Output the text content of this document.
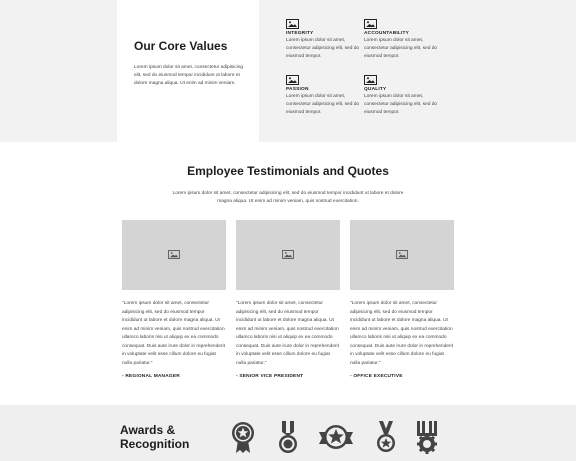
Our Core Values
Lorem ipsum dolor sit amet, consectetur adipisicing elit, sed do eiusmod tempor incididunt ut labore et dolore magna aliqua. Ut enim ad minim veniam.
INTEGRITY
Lorem ipsum dolor sit amet, consectetur adipisicing elit, sed do eiusmod tempor.
ACCOUNTABILITY
Lorem ipsum dolor sit amet, consectetur adipisicing elit, sed do eiusmod tempor.
PASSION
Lorem ipsum dolor sit amet, consectetur adipisicing elit, sed do eiusmod tempor.
QUALITY
Lorem ipsum dolor sit amet, consectetur adipisicing elit, sed do eiusmod tempor.
Employee Testimonials and Quotes
Lorem ipsum dolor sit amet, consectetur adipisicing elit, sed do eiusmod tempor incididunt ut labore et dolore magna aliqua. Ut enim ad minim veniam, quis nostrud exercitation.
"Lorem ipsum dolor sit amet, consectetur adipisicing elit, sed do eiusmod tempor incididunt ut labore et dolore magna aliqua. Ut enim ad minim veniam, quis nostrud exercitation ullamco laboris nisi ut aliquip ex ea commodo consequat. Duis aute irure dolor in reprehenderit in voluptate velit esse cillum dolore eu fugiat nulla pariatur."
- REGIONAL MANAGER
"Lorem ipsum dolor sit amet, consectetur adipisicing elit, sed do eiusmod tempor incididunt ut labore et dolore magna aliqua. Ut enim ad minim veniam, quis nostrud exercitation ullamco laboris nisi ut aliquip ex ea commodo consequat. Duis aute irure dolor in reprehenderit in voluptate velit esse cillum dolore eu fugiat nulla pariatur."
- SENIOR VICE PRESIDENT
"Lorem ipsum dolor sit amet, consectetur adipisicing elit, sed do eiusmod tempor incididunt ut labore et dolore magna aliqua. Ut enim ad minim veniam, quis nostrud exercitation ullamco laboris nisi ut aliquip ex ea commodo consequat. Duis aute irure dolor in reprehenderit in voluptate velit esse cillum dolore eu fugiat nulla pariatur."
- OFFICE EXECUTIVE
Awards & Recognition
